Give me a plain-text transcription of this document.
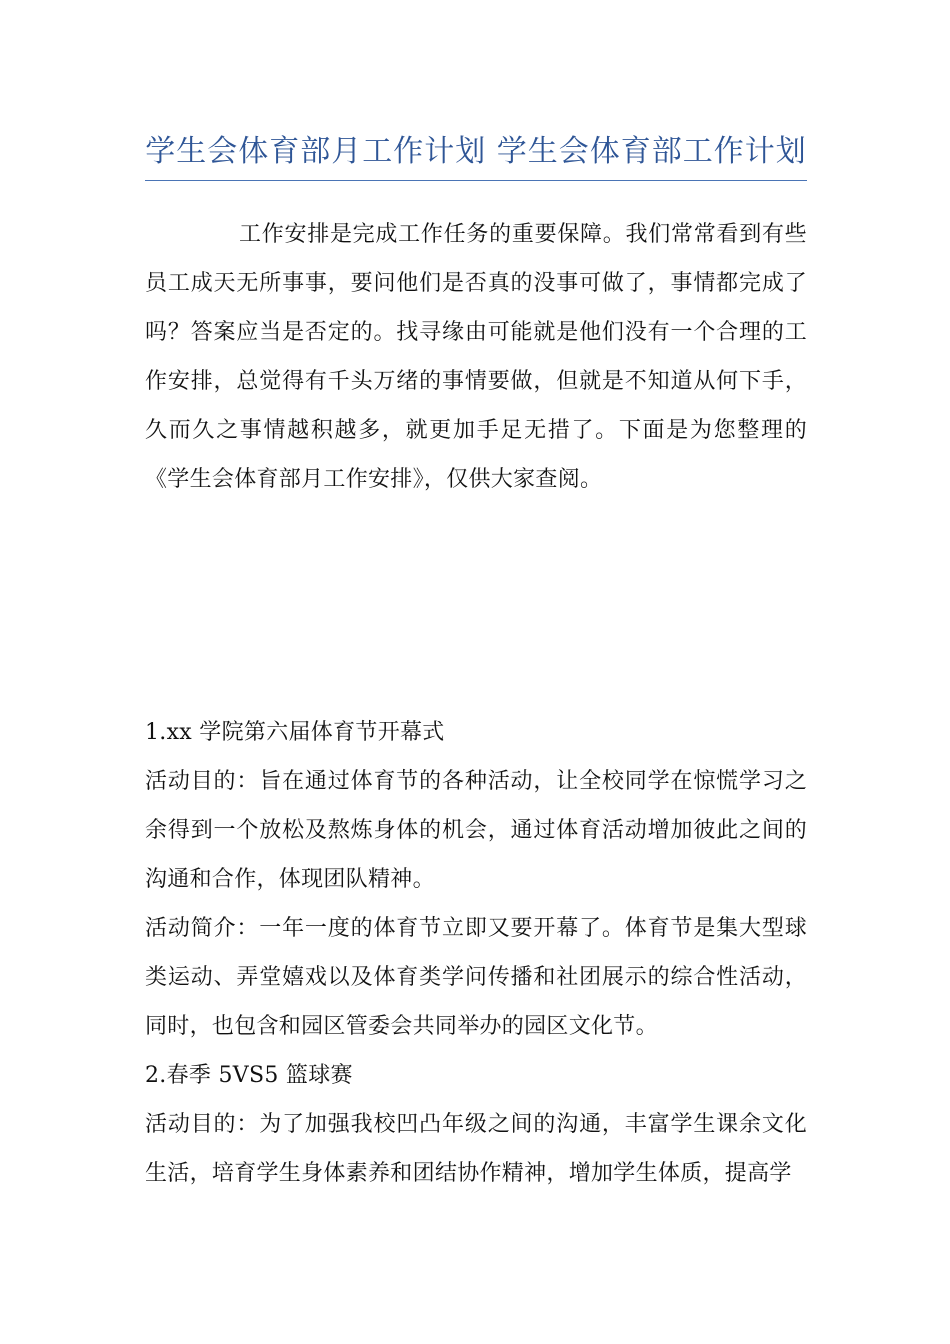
学生会体育部月工作计划 学生会体育部工作计划

工作安排是完成工作任务的重要保障。我们常常看到有些员工成天无所事事，要问他们是否真的没事可做了，事情都完成了吗？答案应当是否定的。找寻缘由可能就是他们没有一个合理的工作安排，总觉得有千头万绪的事情要做，但就是不知道从何下手，久而久之事情越积越多，就更加手足无措了。下面是为您整理的《学生会体育部月工作安排》，仅供大家查阅。

1.xx 学院第六届体育节开幕式
活动目的：旨在通过体育节的各种活动，让全校同学在惊慌学习之余得到一个放松及熬炼身体的机会，通过体育活动增加彼此之间的沟通和合作，体现团队精神。
活动简介：一年一度的体育节立即又要开幕了。体育节是集大型球类运动、弄堂嬉戏以及体育类学问传播和社团展示的综合性活动，同时，也包含和园区管委会共同举办的园区文化节。
2.春季 5VS5 篮球赛
活动目的：为了加强我校凹凸年级之间的沟通，丰富学生课余文化生活，培育学生身体素养和团结协作精神，增加学生体质，提高学
